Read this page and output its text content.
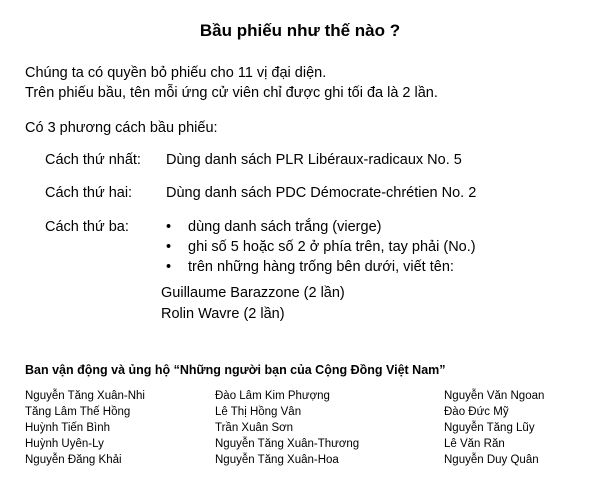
Bầu phiếu như thế nào ?

Chúng ta có quyền bỏ phiếu cho 11 vị đại diện.

Trên phiếu bầu, tên mỗi ứng cử viên chỉ được ghi tối đa là 2 lần.

Có 3 phương cách bầu phiếu:

Cách thứ nhất: Dùng danh sách PLR Libéraux-radicaux No. 5
Cách thứ hai: Dùng danh sách PDC Démocrate-chrétien No. 2
Cách thứ ba:	• dùng danh sách trắng (vierge)
• ghi số 5 hoặc số 2 ở phía trên, tay phải (No.)
• trên những hàng trống bên dưới, viết tên:
Guillaume Barazzone (2 lần)
Rolin Wavre (2 lần)
Ban vận động và ủng hộ “Những người bạn của Cộng Đồng Việt Nam”
Nguyễn Tăng Xuân-Nhi
Tăng Lâm Thế Hồng
Huỳnh Tiến Bình
Huỳnh Uyên-Ly
Nguyễn Đăng Khải
Đào Lâm Kim Phượng
Lê Thị Hồng Vân
Trần Xuân Sơn
Nguyễn Tăng Xuân-Thương
Nguyễn Tăng Xuân-Hoa
Nguyễn Văn Ngoan
Đào Đức Mỹ
Nguyễn Tăng Lũy
Lê Văn Răn
Nguyễn Duy Quân
